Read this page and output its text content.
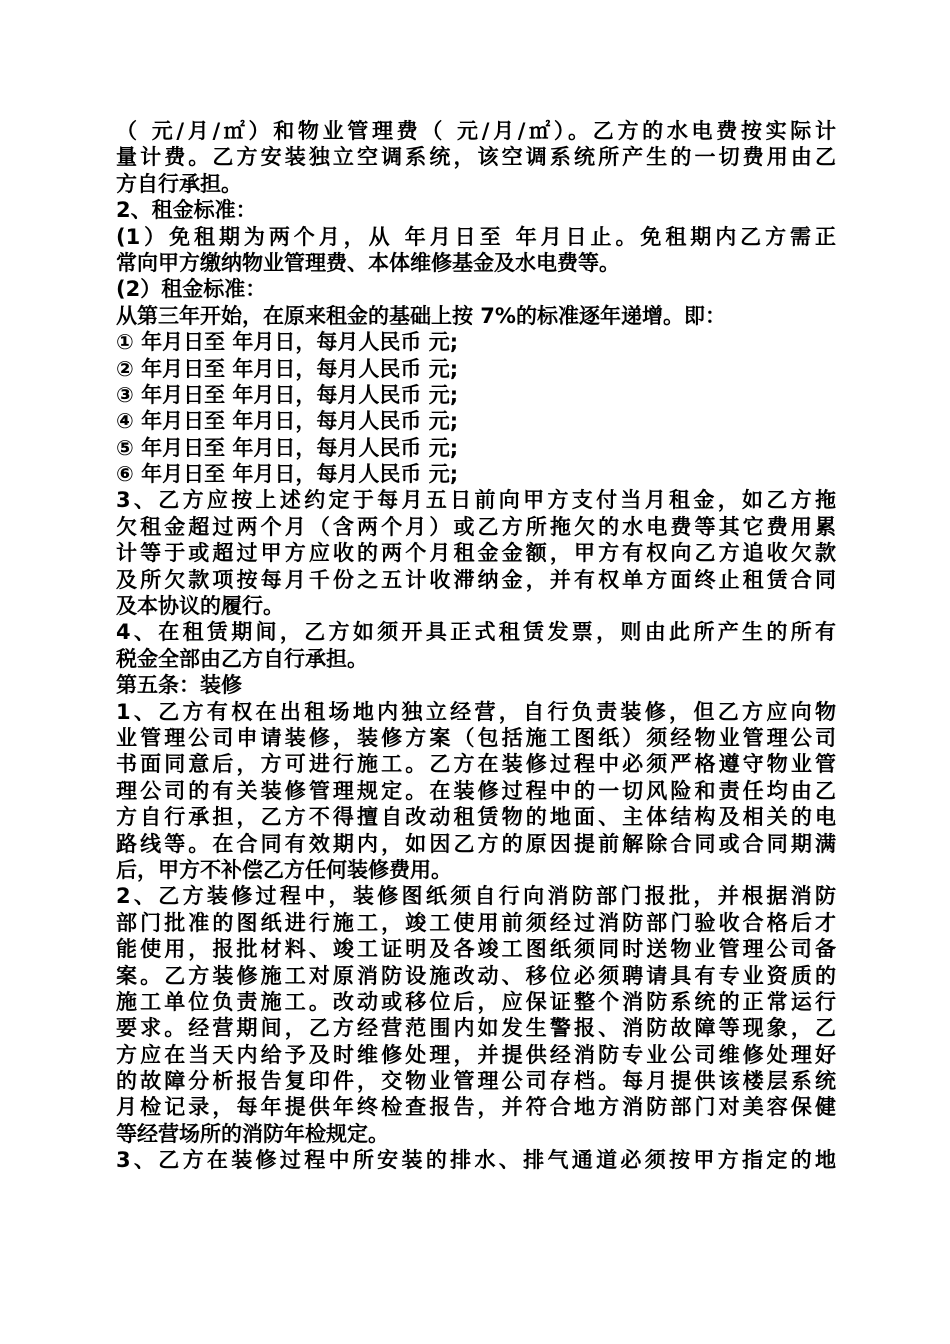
（ 元/月/㎡）和物业管理费（ 元/月/㎡）。乙方的水电费按实际计
量计费。乙方安装独立空调系统，该空调系统所产生的一切费用由乙
方自行承担。
2、租金标准：
(1）免租期为两个月，从 年月日至 年月日止。免租期内乙方需正
常向甲方缴纳物业管理费、本体维修基金及水电费等。
(2）租金标准：
从第三年开始，在原来租金的基础上按 7%的标准逐年递增。即：
① 年月日至 年月日，每月人民币 元;
② 年月日至 年月日，每月人民币 元;
③ 年月日至 年月日，每月人民币 元;
④ 年月日至 年月日，每月人民币 元;
⑤ 年月日至 年月日，每月人民币 元;
⑥ 年月日至 年月日，每月人民币 元;
3、乙方应按上述约定于每月五日前向甲方支付当月租金，如乙方拖
欠租金超过两个月（含两个月）或乙方所拖欠的水电费等其它费用累
计等于或超过甲方应收的两个月租金金额，甲方有权向乙方追收欠款
及所欠款项按每月千份之五计收滞纳金，并有权单方面终止租赁合同
及本协议的履行。
4、在租赁期间，乙方如须开具正式租赁发票，则由此所产生的所有
税金全部由乙方自行承担。
第五条：装修
1、乙方有权在出租场地内独立经营，自行负责装修，但乙方应向物
业管理公司申请装修，装修方案（包括施工图纸）须经物业管理公司
书面同意后，方可进行施工。乙方在装修过程中必须严格遵守物业管
理公司的有关装修管理规定。在装修过程中的一切风险和责任均由乙
方自行承担，乙方不得擅自改动租赁物的地面、主体结构及相关的电
路线等。在合同有效期内，如因乙方的原因提前解除合同或合同期满
后，甲方不补偿乙方任何装修费用。
2、乙方装修过程中，装修图纸须自行向消防部门报批，并根据消防
部门批准的图纸进行施工，竣工使用前须经过消防部门验收合格后才
能使用，报批材料、竣工证明及各竣工图纸须同时送物业管理公司备
案。乙方装修施工对原消防设施改动、移位必须聘请具有专业资质的
施工单位负责施工。改动或移位后，应保证整个消防系统的正常运行
要求。经营期间，乙方经营范围内如发生警报、消防故障等现象，乙
方应在当天内给予及时维修处理，并提供经消防专业公司维修处理好
的故障分析报告复印件，交物业管理公司存档。每月提供该楼层系统
月检记录，每年提供年终检查报告，并符合地方消防部门对美容保健
等经营场所的消防年检规定。
3、乙方在装修过程中所安装的排水、排气通道必须按甲方指定的地
